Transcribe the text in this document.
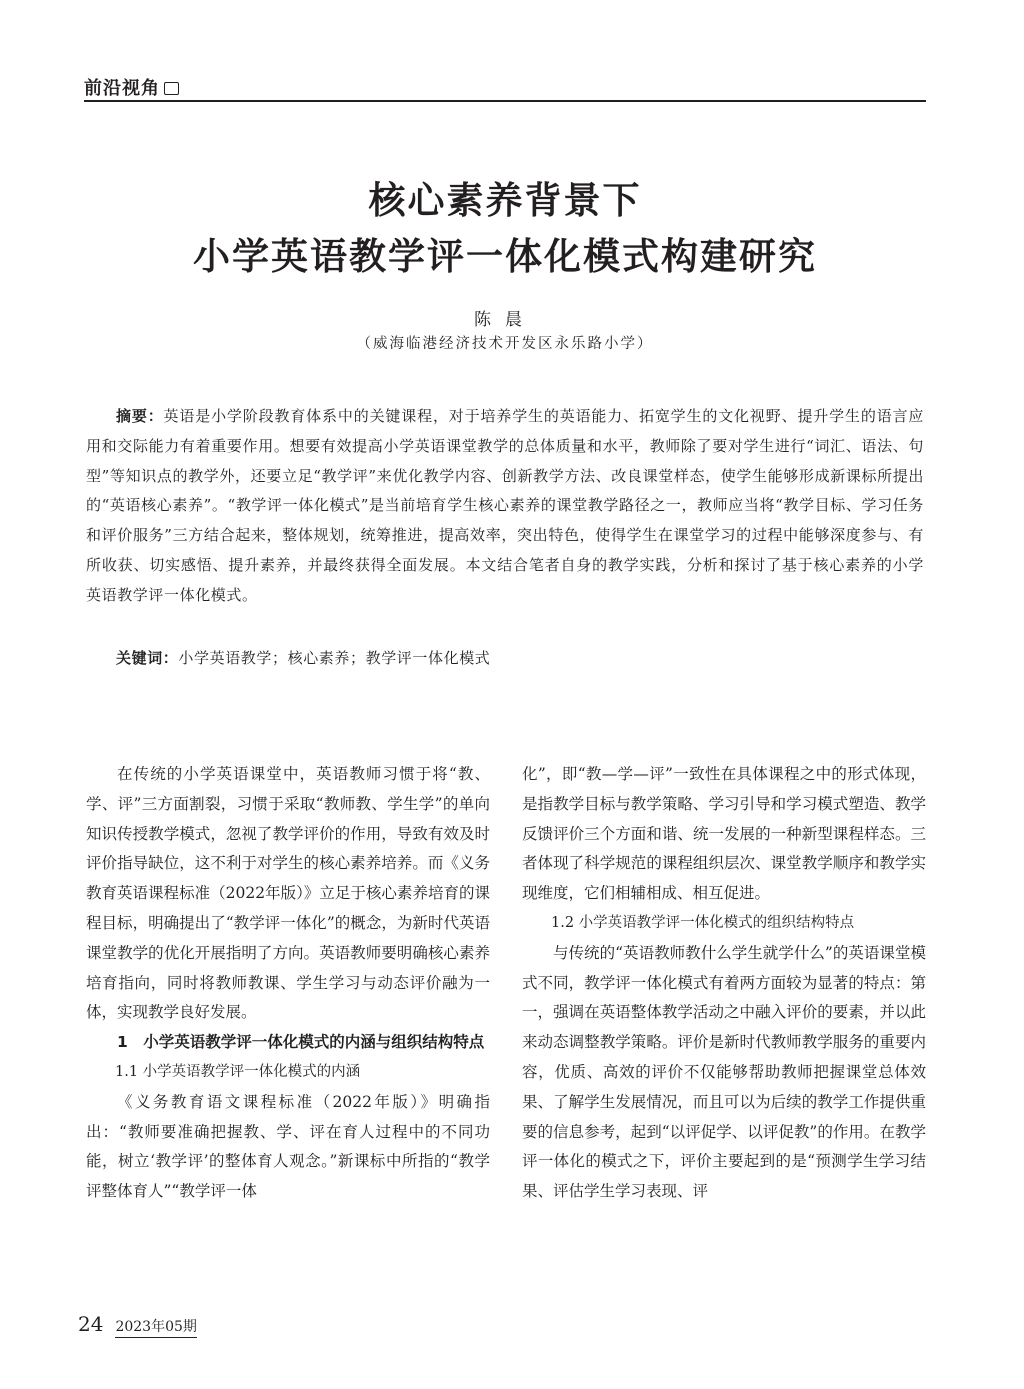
前沿视角
核心素养背景下
小学英语教学评一体化模式构建研究
陈晨
（威海临港经济技术开发区永乐路小学）

摘要：英语是小学阶段教育体系中的关键课程，对于培养学生的英语能力、拓宽学生的文化视野、提升学生的语言应用和交际能力有着重要作用。想要有效提高小学英语课堂教学的总体质量和水平，教师除了要对学生进行“词汇、语法、句型”等知识点的教学外，还要立足“教学评”来优化教学内容、创新教学方法、改良课堂样态，使学生能够形成新课标所提出的“英语核心素养”。“教学评一体化模式”是当前培育学生核心素养的课堂教学路径之一，教师应当将“教学目标、学习任务和评价服务”三方结合起来，整体规划，统筹推进，提高效率，突出特色，使得学生在课堂学习的过程中能够深度参与、有所收获、切实感悟、提升素养，并最终获得全面发展。本文结合笔者自身的教学实践，分析和探讨了基于核心素养的小学英语教学评一体化模式。

关键词：小学英语教学；核心素养；教学评一体化模式

在传统的小学英语课堂中，英语教师习惯于将“教、学、评”三方面割裂，习惯于采取“教师教、学生学”的单向知识传授教学模式，忽视了教学评价的作用，导致有效及时评价指导缺位，这不利于对学生的核心素养培养。而《义务教育英语课程标准（2022年版）》立足于核心素养培育的课程目标，明确提出了“教学评一体化”的概念，为新时代英语课堂教学的优化开展指明了方向。英语教师要明确核心素养培育指向，同时将教师教课、学生学习与动态评价融为一体，实现教学良好发展。

1　小学英语教学评一体化模式的内涵与组织结构特点

1.1 小学英语教学评一体化模式的内涵

《义务教育语文课程标准（2022年版）》明确指出：“教师要准确把握教、学、评在育人过程中的不同功能，树立‘教学评’的整体育人观念。”新课标中所指的“教学评整体育人”“教学评一体

化”，即“教—学—评”一致性在具体课程之中的形式体现，是指教学目标与教学策略、学习引导和学习模式塑造、教学反馈评价三个方面和谐、统一发展的一种新型课程样态。三者体现了科学规范的课程组织层次、课堂教学顺序和教学实现维度，它们相辅相成、相互促进。

1.2 小学英语教学评一体化模式的组织结构特点

与传统的“英语教师教什么学生就学什么”的英语课堂模式不同，教学评一体化模式有着两方面较为显著的特点：第一，强调在英语整体教学活动之中融入评价的要素，并以此来动态调整教学策略。评价是新时代教师教学服务的重要内容，优质、高效的评价不仅能够帮助教师把握课堂总体效果、了解学生发展情况，而且可以为后续的教学工作提供重要的信息参考，起到“以评促学、以评促教”的作用。在教学评一体化的模式之下，评价主要起到的是“预测学生学习结果、评估学生学习表现、评

24 2023年05期
